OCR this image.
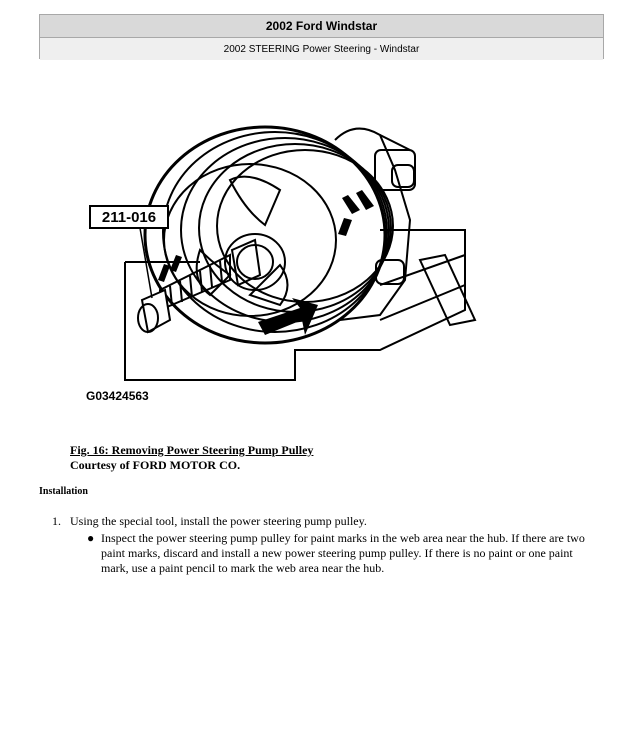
2002 Ford Windstar
2002 STEERING Power Steering - Windstar
211-016
G03424563
Fig. 16: Removing Power Steering Pump Pulley
Courtesy of FORD MOTOR CO.
Installation
1. Using the special tool, install the power steering pump pulley.
● Inspect the power steering pump pulley for paint marks in the web area near the hub. If there are two paint marks, discard and install a new power steering pump pulley. If there is no paint or one paint mark, use a paint pencil to mark the web area near the hub.
